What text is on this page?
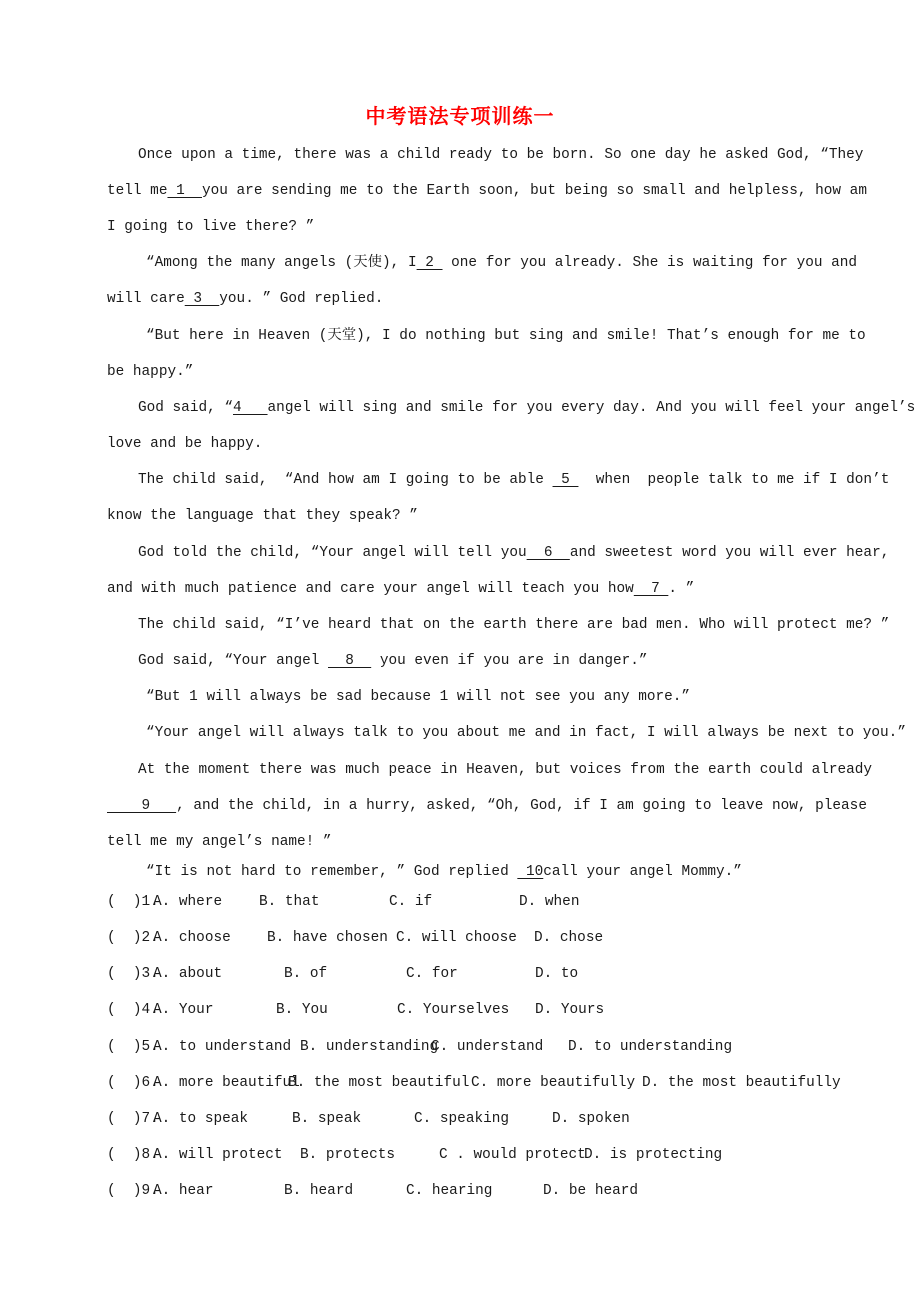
中考语法专项训练一
Once upon a time, there was a child ready to be born. So one day he asked God, “They
tell me 1  you are sending me to the Earth soon, but being so small and helpless, how am
I going to live there? ”
“Among the many angels (天使), I 2  one for you already. She is waiting for you and
will care 3  you. ” God replied.
“But here in Heaven (天堂), I do nothing but sing and smile! That’s enough for me to
be happy.”
God said, “4   angel will sing and smile for you every day. And you will feel your angel’s
love and be happy.
The child said,  “And how am I going to be able  5   when  people talk to me if I don’t
know the language that they speak? ”
God told the child, “Your angel will tell you  6  and sweetest word you will ever hear,
and with much patience and care your angel will teach you how  7 . ”
The child said, “I’ve heard that on the earth there are bad men. Who will protect me? ”
God said, “Your angel   8   you even if you are in danger.”
“But 1 will always be sad because 1 will not see you any more.”
“Your angel will always talk to you about me and in fact, I will always be next to you.”
At the moment there was much peace in Heaven, but voices from the earth could already
9   , and the child, in a hurry, asked, “Oh, God, if I am going to leave now, please
tell me my angel’s name! ”
“It is not hard to remember, ” God replied  10call your angel Mommy.”
(  )1.
A. where	B. that	C. if	D. when
(  )2.
A. choose	B. have chosen C. will choose D. chose
(  )3.
A. about	B. of	C. for	D. to
(  )4.
A. Your	B. You	C. Yourselves D. Yours
(  )5.
A. to understand B. understanding
C. understand D. to understanding
(  )6.
A. more beautiful
B. the most beautiful C. more beautifully D. the most beautifully
(  )7.
A. to speak	B. speak	C. speaking	D. spoken
(  )8.
A. will protect B. protects	C . would protect
D. is protecting
(  )9.
A. hear	B. heard	C. hearing	D. be heard
